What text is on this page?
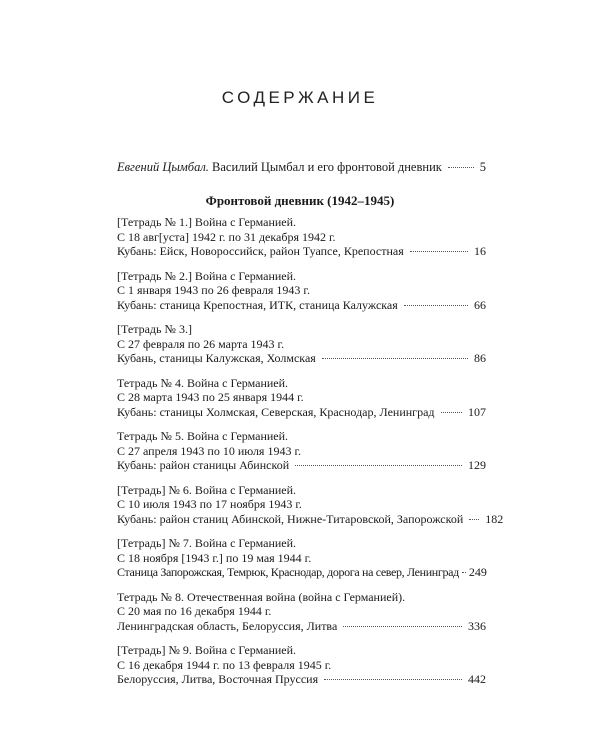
СОДЕРЖАНИЕ
Евгений Цымбал. Василий Цымбал и его фронтовой дневник	5
Фронтовой дневник (1942–1945)
[Тетрадь № 1.] Война с Германией.
С 18 авг[уста] 1942 г. по 31 декабря 1942 г.
Кубань: Ейск, Новороссийск, район Туапсе, Крепостная	16
[Тетрадь № 2.] Война с Германией.
С 1 января 1943 по 26 февраля 1943 г.
Кубань: станица Крепостная, ИТК, станица Калужская	66
[Тетрадь № 3.]
С 27 февраля по 26 марта 1943 г.
Кубань, станицы Калужская, Холмская	86
Тетрадь № 4. Война с Германией.
С 28 марта 1943 по 25 января 1944 г.
Кубань: станицы Холмская, Северская, Краснодар, Ленинград	107
Тетрадь № 5. Война с Германией.
С 27 апреля 1943 по 10 июля 1943 г.
Кубань: район станицы Абинской	129
[Тетрадь] № 6. Война с Германией.
С 10 июля 1943 по 17 ноября 1943 г.
Кубань: район станиц Абинской, Нижне-Титаровской, Запорожской 182
[Тетрадь] № 7. Война с Германией.
С 18 ноября [1943 г.] по 19 мая 1944 г.
Станица Запорожская, Темрюк, Краснодар, дорога на север, Ленинград 249
Тетрадь № 8. Отечественная война (война с Германией).
С 20 мая по 16 декабря 1944 г.
Ленинградская область, Белоруссия, Литва	336
[Тетрадь] № 9. Война с Германией.
С 16 декабря 1944 г. по 13 февраля 1945 г.
Белоруссия, Литва, Восточная Пруссия	442
